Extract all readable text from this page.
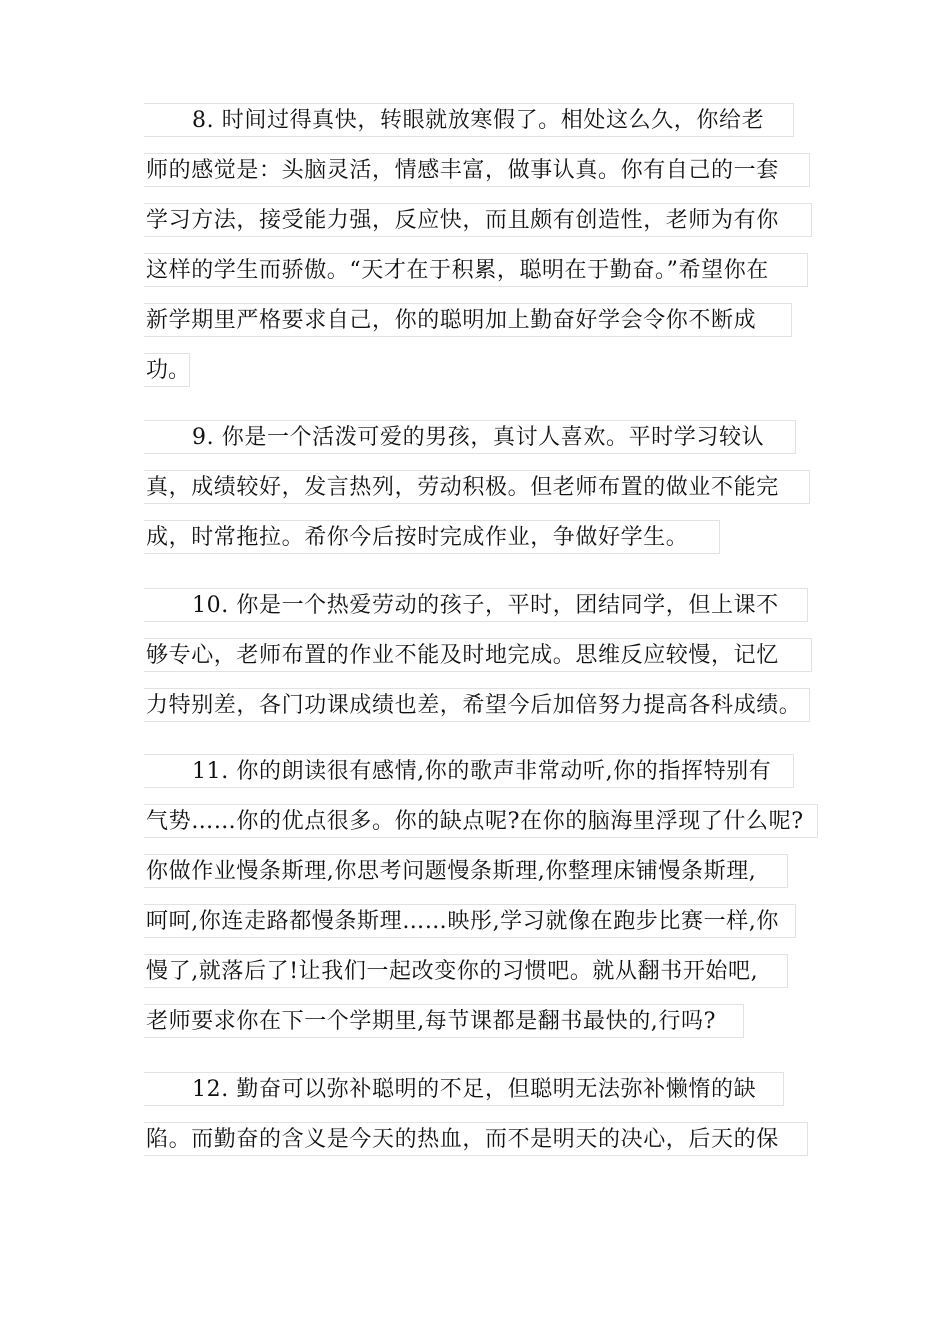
8. 时间过得真快，转眼就放寒假了。相处这么久，你给老
师的感觉是：头脑灵活，情感丰富，做事认真。你有自己的一套
学习方法，接受能力强，反应快，而且颇有创造性，老师为有你
这样的学生而骄傲。“天才在于积累，聪明在于勤奋。”希望你在
新学期里严格要求自己，你的聪明加上勤奋好学会令你不断成
功。
9. 你是一个活泼可爱的男孩，真讨人喜欢。平时学习较认
真，成绩较好，发言热列，劳动积极。但老师布置的做业不能完
成，时常拖拉。希你今后按时完成作业，争做好学生。
10. 你是一个热爱劳动的孩子，平时，团结同学，但上课不
够专心，老师布置的作业不能及时地完成。思维反应较慢，记忆
力特别差，各门功课成绩也差，希望今后加倍努力提高各科成绩。
11. 你的朗读很有感情,你的歌声非常动听,你的指挥特别有
气势……你的优点很多。你的缺点呢?在你的脑海里浮现了什么呢?
你做作业慢条斯理,你思考问题慢条斯理,你整理床铺慢条斯理,
呵呵,你连走路都慢条斯理……映彤,学习就像在跑步比赛一样,你
慢了,就落后了!让我们一起改变你的习惯吧。就从翻书开始吧,
老师要求你在下一个学期里,每节课都是翻书最快的,行吗?
12. 勤奋可以弥补聪明的不足，但聪明无法弥补懒惰的缺
陷。而勤奋的含义是今天的热血，而不是明天的决心，后天的保
